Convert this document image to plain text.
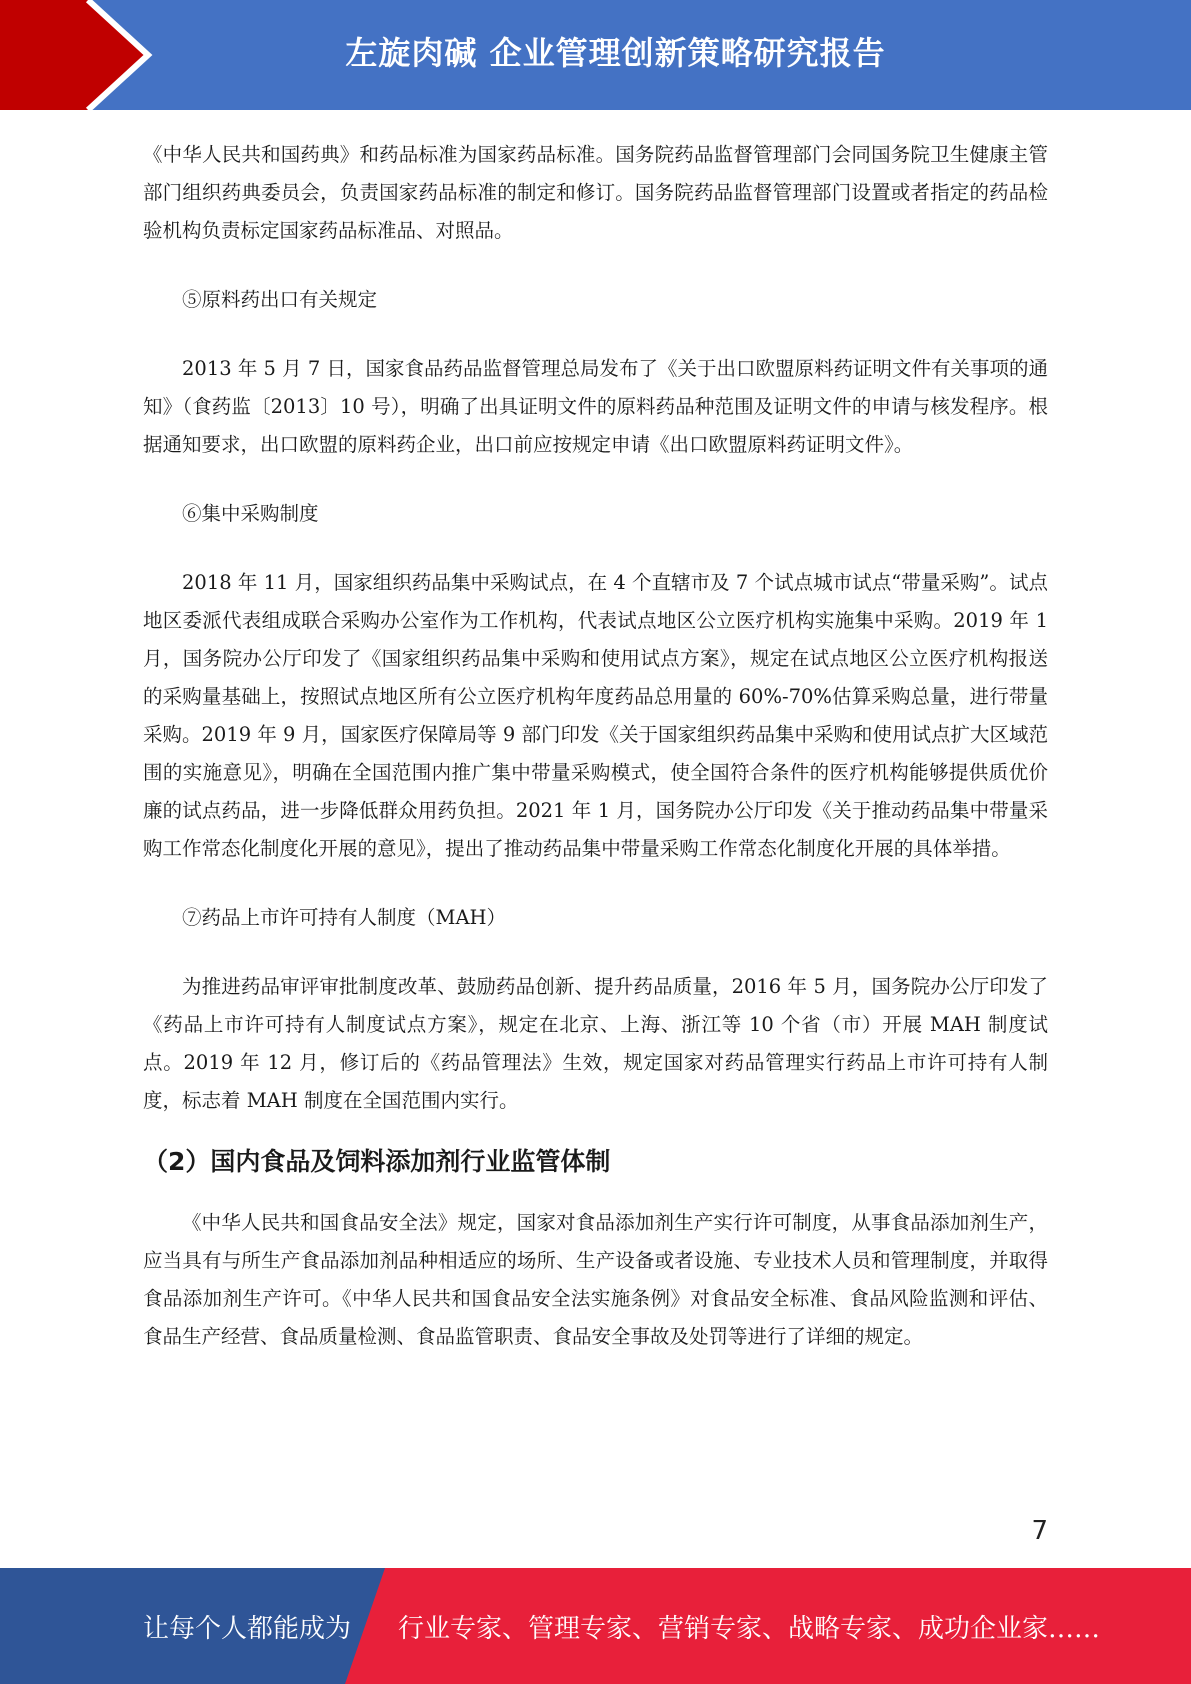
左旋肉碱 企业管理创新策略研究报告

《中华人民共和国药典》和药品标准为国家药品标准。国务院药品监督管理部门会同国务院卫生健康主管部门组织药典委员会，负责国家药品标准的制定和修订。国务院药品监督管理部门设置或者指定的药品检验机构负责标定国家药品标准品、对照品。

⑤原料药出口有关规定

2013 年 5 月 7 日，国家食品药品监督管理总局发布了《关于出口欧盟原料药证明文件有关事项的通知》（食药监〔2013〕10 号），明确了出具证明文件的原料药品种范围及证明文件的申请与核发程序。根据通知要求，出口欧盟的原料药企业，出口前应按规定申请《出口欧盟原料药证明文件》。

⑥集中采购制度

2018 年 11 月，国家组织药品集中采购试点，在 4 个直辖市及 7 个试点城市试点“带量采购”。试点地区委派代表组成联合采购办公室作为工作机构，代表试点地区公立医疗机构实施集中采购。2019 年 1 月，国务院办公厅印发了《国家组织药品集中采购和使用试点方案》，规定在试点地区公立医疗机构报送的采购量基础上，按照试点地区所有公立医疗机构年度药品总用量的 60%-70%估算采购总量，进行带量采购。2019 年 9 月，国家医疗保障局等 9 部门印发《关于国家组织药品集中采购和使用试点扩大区域范围的实施意见》，明确在全国范围内推广集中带量采购模式，使全国符合条件的医疗机构能够提供质优价廉的试点药品，进一步降低群众用药负担。2021 年 1 月，国务院办公厅印发《关于推动药品集中带量采购工作常态化制度化开展的意见》，提出了推动药品集中带量采购工作常态化制度化开展的具体举措。

⑦药品上市许可持有人制度（MAH）

为推进药品审评审批制度改革、鼓励药品创新、提升药品质量，2016 年 5 月，国务院办公厅印发了《药品上市许可持有人制度试点方案》，规定在北京、上海、浙江等 10 个省（市）开展 MAH 制度试点。2019 年 12 月，修订后的《药品管理法》生效，规定国家对药品管理实行药品上市许可持有人制度，标志着 MAH 制度在全国范围内实行。

（2）国内食品及饲料添加剂行业监管体制

《中华人民共和国食品安全法》规定，国家对食品添加剂生产实行许可制度，从事食品添加剂生产，应当具有与所生产食品添加剂品种相适应的场所、生产设备或者设施、专业技术人员和管理制度，并取得食品添加剂生产许可。《中华人民共和国食品安全法实施条例》对食品安全标准、食品风险监测和评估、食品生产经营、食品质量检测、食品监管职责、食品安全事故及处罚等进行了详细的规定。

7
让每个人都能成为 行业专家、管理专家、营销专家、战略专家、成功企业家……
